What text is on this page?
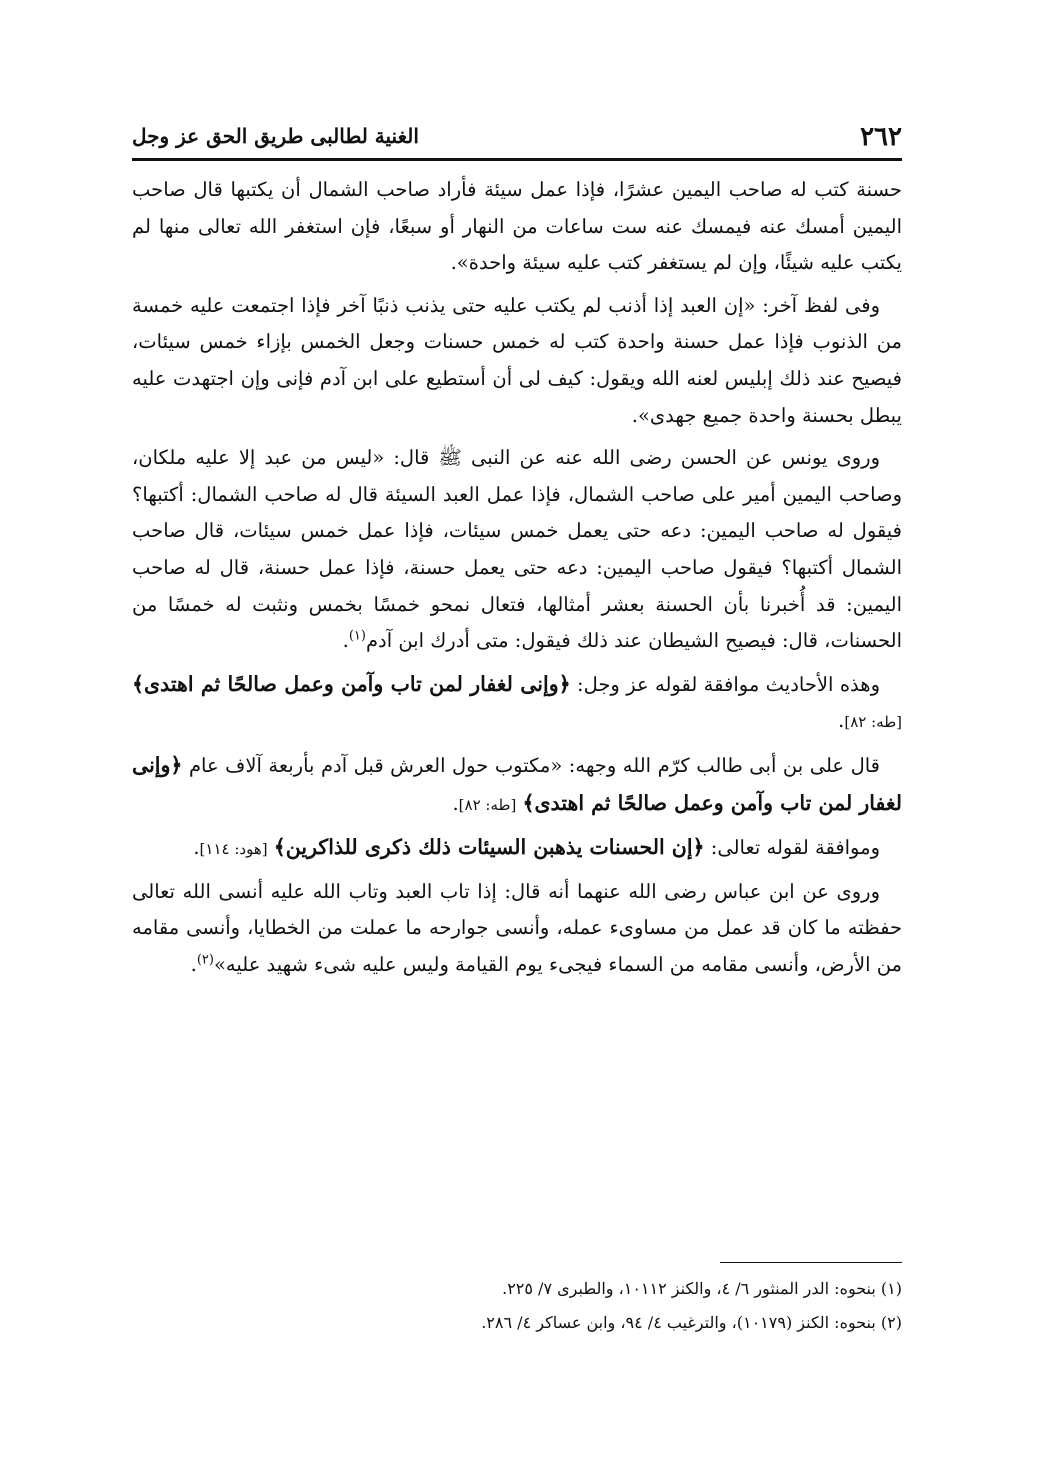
٢٦٢
الغنية لطالبى طريق الحق عز وجل

حسنة كتب له صاحب اليمين عشرًا، فإذا عمل سيئة فأراد صاحب الشمال أن يكتبها قال صاحب اليمين أمسك عنه فيمسك عنه ست ساعات من النهار أو سبعًا، فإن استغفر الله تعالى منها لم يكتب عليه شيئًا، وإن لم يستغفر كتب عليه سيئة واحدة».

وفى لفظ آخر: «إن العبد إذا أذنب لم يكتب عليه حتى يذنب ذنبًا آخر فإذا اجتمعت عليه خمسة من الذنوب فإذا عمل حسنة واحدة كتب له خمس حسنات وجعل الخمس بإزاء خمس سيئات، فيصيح عند ذلك إبليس لعنه الله ويقول: كيف لى أن أستطيع على ابن آدم فإنى وإن اجتهدت عليه يبطل بحسنة واحدة جميع جهدى».

وروى يونس عن الحسن رضى الله عنه عن النبى ﷺ قال: «ليس من عبد إلا عليه ملكان، وصاحب اليمين أمير على صاحب الشمال، فإذا عمل العبد السيئة قال له صاحب الشمال: أكتبها؟ فيقول له صاحب اليمين: دعه حتى يعمل خمس سيئات، فإذا عمل خمس سيئات، قال صاحب الشمال أكتبها؟ فيقول صاحب اليمين: دعه حتى يعمل حسنة، فإذا عمل حسنة، قال له صاحب اليمين: قد أُخبرنا بأن الحسنة بعشر أمثالها، فتعال نمحو خمسًا بخمس ونثبت له خمسًا من الحسنات، قال: فيصيح الشيطان عند ذلك فيقول: متى أدرك ابن آدم$^{(١)}$.

وهذه الأحاديث موافقة لقوله عز وجل: ﴿وإنى لغفار لمن تاب وآمن وعمل صالحًا ثم اهتدى﴾ [طه: ٨٢].

قال على بن أبى طالب كرّم الله وجهه: «مكتوب حول العرش قبل آدم بأربعة آلاف عام ﴿وإنى لغفار لمن تاب وآمن وعمل صالحًا ثم اهتدى﴾ [طه: ٨٢].

وموافقة لقوله تعالى: ﴿إن الحسنات يذهبن السيئات ذلك ذكرى للذاكرين﴾ [هود: ١١٤].

وروى عن ابن عباس رضى الله عنهما أنه قال: إذا تاب العبد وتاب الله عليه أنسى الله تعالى حفظته ما كان قد عمل من مساوىء عمله، وأنسى جوارحه ما عملت من الخطايا، وأنسى مقامه من الأرض، وأنسى مقامه من السماء فيجىء يوم القيامة وليس عليه شىء شهيد عليه»$^{(٢)}$.

(١) بنحوه: الدر المنثور ٦/ ٤، والكنز ١٠١١٢، والطبرى ٧/ ٢٢٥.

(٢) بنحوه: الكنز (١٠١٧٩)، والترغيب ٤/ ٩٤، وابن عساكر ٤/ ٢٨٦.
